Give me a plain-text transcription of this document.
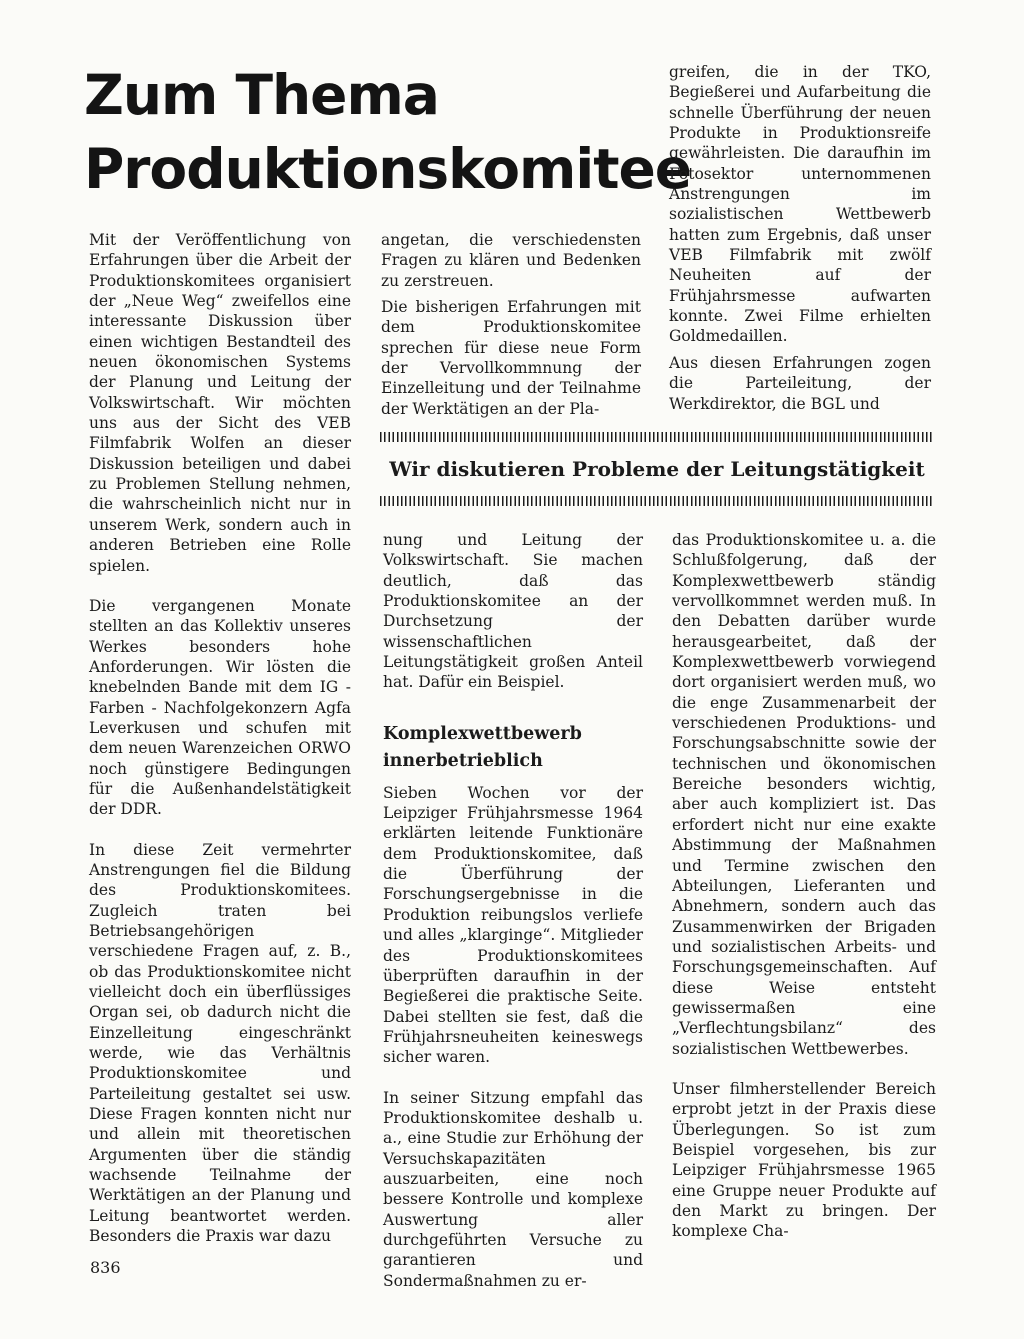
Zum Thema Produktionskomitee

Mit der Veröffentlichung von Erfahrungen über die Arbeit der Produktionskomitees organisiert der „Neue Weg“ zweifellos eine interessante Diskussion über einen wichtigen Bestandteil des neuen ökonomischen Systems der Planung und Leitung der Volkswirtschaft. Wir möchten uns aus der Sicht des VEB Filmfabrik Wolfen an dieser Diskussion beteiligen und dabei zu Problemen Stellung nehmen, die wahrscheinlich nicht nur in unserem Werk, sondern auch in anderen Betrieben eine Rolle spielen.

Die vergangenen Monate stellten an das Kollektiv unseres Werkes besonders hohe Anforderungen. Wir lösten die knebelnden Bande mit dem IG - Farben - Nachfolgekonzern Agfa Leverkusen und schufen mit dem neuen Warenzeichen ORWO noch günstigere Bedingungen für die Außenhandelstätigkeit der DDR.

In diese Zeit vermehrter Anstrengungen fiel die Bildung des Produktionskomitees. Zugleich traten bei Betriebsangehörigen verschiedene Fragen auf, z. B., ob das Produktionskomitee nicht vielleicht doch ein überflüssiges Organ sei, ob dadurch nicht die Einzelleitung eingeschränkt werde, wie das Verhältnis Produktionskomitee und Parteileitung gestaltet sei usw. Diese Fragen konnten nicht nur und allein mit theoretischen Argumenten über die ständig wachsende Teilnahme der Werktätigen an der Planung und Leitung beantwortet werden. Besonders die Praxis war dazu

angetan, die verschiedensten Fragen zu klären und Bedenken zu zerstreuen.

Die bisherigen Erfahrungen mit dem Produktionskomitee sprechen für diese neue Form der Vervollkommnung der Einzelleitung und der Teilnahme der Werktätigen an der Pla-

greifen, die in der TKO, Begießerei und Aufarbeitung die schnelle Überführung der neuen Produkte in Produktionsreife gewährleisten. Die daraufhin im Fotosektor unternommenen Anstrengungen im sozialistischen Wettbewerb hatten zum Ergebnis, daß unser VEB Filmfabrik mit zwölf Neuheiten auf der Frühjahrsmesse aufwarten konnte. Zwei Filme erhielten Goldmedaillen.

Aus diesen Erfahrungen zogen die Parteileitung, der Werkdirektor, die BGL und

Wir diskutieren Probleme der Leitungstätigkeit

nung und Leitung der Volkswirtschaft. Sie machen deutlich, daß das Produktionskomitee an der Durchsetzung der wissenschaftlichen Leitungstätigkeit großen Anteil hat. Dafür ein Beispiel.

Komplexwettbewerb innerbetrieblich

Sieben Wochen vor der Leipziger Frühjahrsmesse 1964 erklärten leitende Funktionäre dem Produktionskomitee, daß die Überführung der Forschungsergebnisse in die Produktion reibungslos verliefe und alles „klarginge“. Mitglieder des Produktionskomitees überprüften daraufhin in der Begießerei die praktische Seite. Dabei stellten sie fest, daß die Frühjahrsneuheiten keineswegs sicher waren.

In seiner Sitzung empfahl das Produktionskomitee deshalb u. a., eine Studie zur Erhöhung der Versuchskapazitäten auszuarbeiten, eine noch bessere Kontrolle und komplexe Auswertung aller durchgeführten Versuche zu garantieren und Sondermaßnahmen zu er-

das Produktionskomitee u. a. die Schlußfolgerung, daß der Komplexwettbewerb ständig vervollkommnet werden muß. In den Debatten darüber wurde herausgearbeitet, daß der Komplexwettbewerb vorwiegend dort organisiert werden muß, wo die enge Zusammenarbeit der verschiedenen Produktions- und Forschungsabschnitte sowie der technischen und ökonomischen Bereiche besonders wichtig, aber auch kompliziert ist. Das erfordert nicht nur eine exakte Abstimmung der Maßnahmen und Termine zwischen den Abteilungen, Lieferanten und Abnehmern, sondern auch das Zusammenwirken der Brigaden und sozialistischen Arbeits- und Forschungsgemeinschaften. Auf diese Weise entsteht gewissermaßen eine „Verflechtungsbilanz“ des sozialistischen Wettbewerbes.

Unser filmherstellender Bereich erprobt jetzt in der Praxis diese Überlegungen. So ist zum Beispiel vorgesehen, bis zur Leipziger Frühjahrsmesse 1965 eine Gruppe neuer Produkte auf den Markt zu bringen. Der komplexe Cha-

836
